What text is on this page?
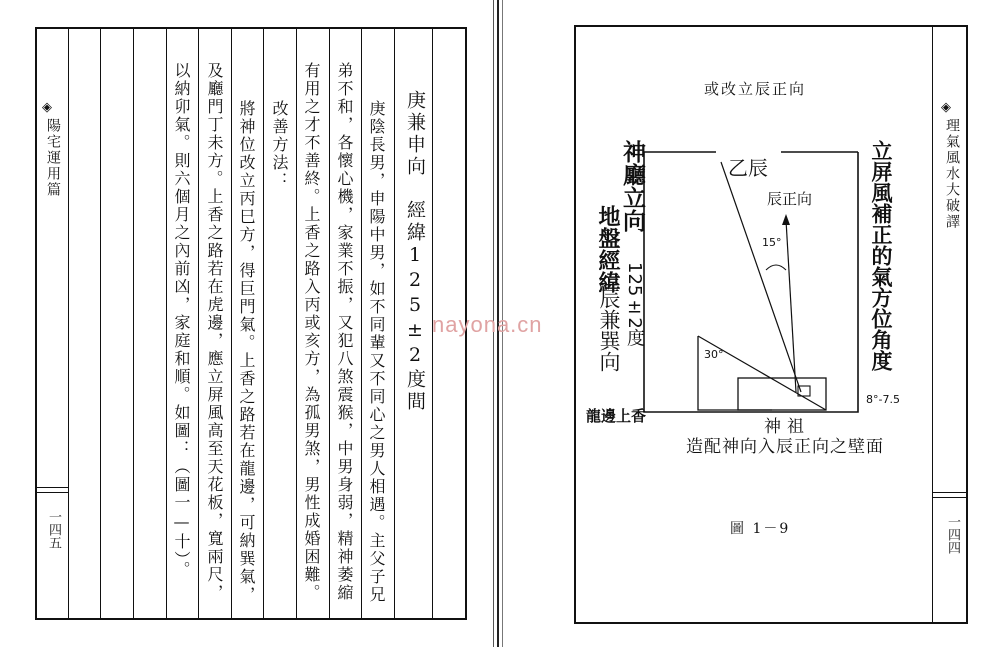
◈
陽宅運用篇
一四五
庚兼申向　經緯125±2度間
庚陰長男，申陽中男，如不同輩又不同心之男人相遇。主父子兄
弟不和，各懷心機，家業不振，又犯八煞震猴，中男身弱，精神萎縮
有用之才不善終。上香之路入丙或亥方，為孤男煞，男性成婚困難。
改善方法：
將神位改立丙巳方，得巨門氣。上香之路若在龍邊，可納巽氣，
及廳門丁未方。上香之路若在虎邊，應立屏風高至天花板，寬兩尺，
以納卯氣。則六個月之內前凶，家庭和順。如圖：（圖一—十）。	◈
理氣風水大破譯
一四四
或改立辰正向
乙辰
辰正向
15°
30°
8°-7.5
神祖
龍邊上香
造配神向入辰正向之壁面
神廳立向
地盤經緯
125±2度
辰兼巽向	立屏風補正的氣方位角度
圖 1－9
nayona.cn
